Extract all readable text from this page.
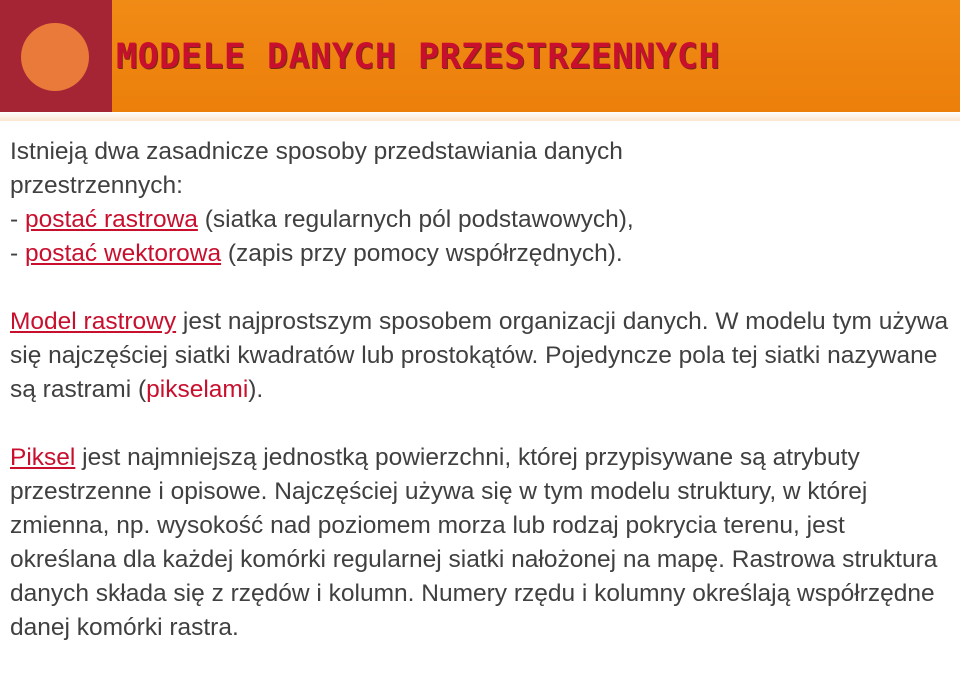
MODELE DANYCH PRZESTRZENNYCH

Istnieją dwa zasadnicze sposoby przedstawiania danych

przestrzennych:

- postać rastrowa (siatka regularnych pól podstawowych),

- postać wektorowa (zapis przy pomocy współrzędnych).

Model rastrowy jest najprostszym sposobem organizacji danych. W modelu tym używa się najczęściej siatki kwadratów lub prostokątów. Pojedyncze pola tej siatki nazywane są rastrami (pikselami).

Piksel jest najmniejszą jednostką powierzchni, której przypisywane są atrybuty przestrzenne i opisowe. Najczęściej używa się w tym modelu struktury, w której zmienna, np. wysokość nad poziomem morza lub rodzaj pokrycia terenu, jest określana dla każdej komórki regularnej siatki nałożonej na mapę. Rastrowa struktura danych składa się z rzędów i kolumn. Numery rzędu i kolumny określają współrzędne danej komórki rastra.
